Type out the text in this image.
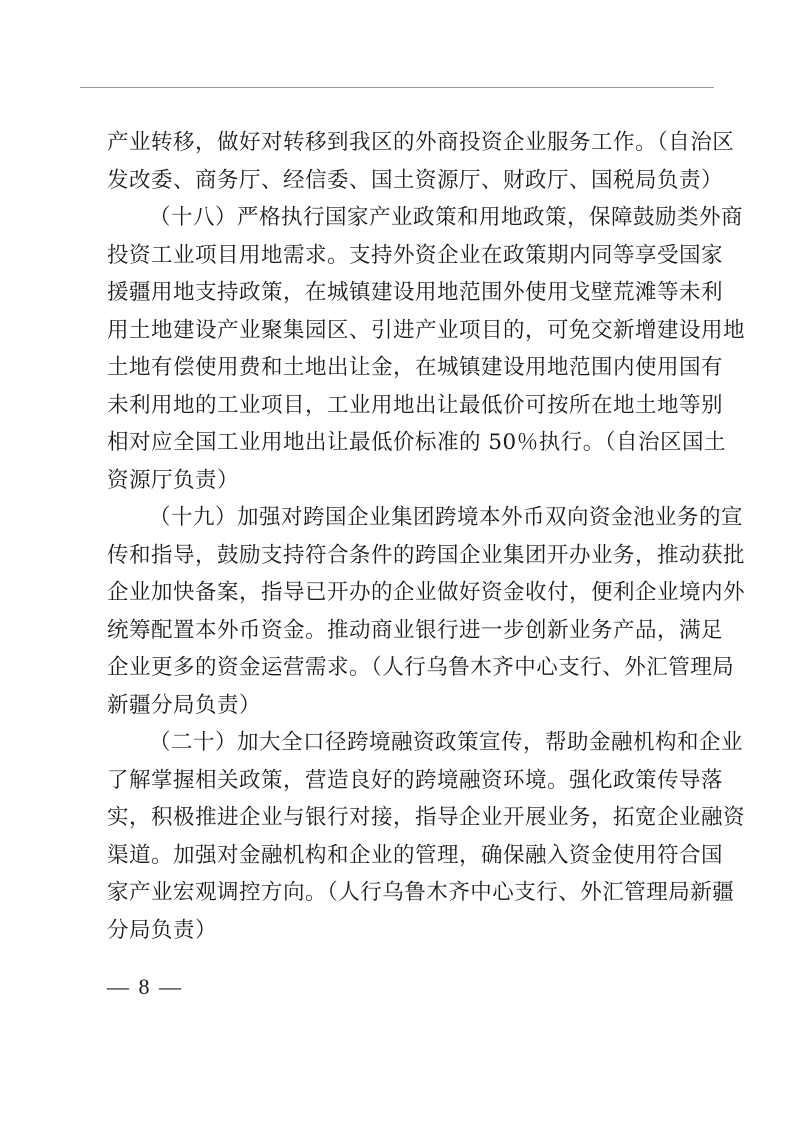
产业转移，做好对转移到我区的外商投资企业服务工作。（自治区
发改委、商务厅、经信委、国土资源厅、财政厅、国税局负责）
（十八）严格执行国家产业政策和用地政策，保障鼓励类外商
投资工业项目用地需求。支持外资企业在政策期内同等享受国家
援疆用地支持政策，在城镇建设用地范围外使用戈壁荒滩等未利
用土地建设产业聚集园区、引进产业项目的，可免交新增建设用地
土地有偿使用费和土地出让金，在城镇建设用地范围内使用国有
未利用地的工业项目，工业用地出让最低价可按所在地土地等别
相对应全国工业用地出让最低价标准的 50％执行。（自治区国土
资源厅负责）
（十九）加强对跨国企业集团跨境本外币双向资金池业务的宣
传和指导，鼓励支持符合条件的跨国企业集团开办业务，推动获批
企业加快备案，指导已开办的企业做好资金收付，便利企业境内外
统筹配置本外币资金。推动商业银行进一步创新业务产品，满足
企业更多的资金运营需求。（人行乌鲁木齐中心支行、外汇管理局
新疆分局负责）
（二十）加大全口径跨境融资政策宣传，帮助金融机构和企业
了解掌握相关政策，营造良好的跨境融资环境。强化政策传导落
实，积极推进企业与银行对接，指导企业开展业务，拓宽企业融资
渠道。加强对金融机构和企业的管理，确保融入资金使用符合国
家产业宏观调控方向。（人行乌鲁木齐中心支行、外汇管理局新疆
分局负责）
— 8 —
